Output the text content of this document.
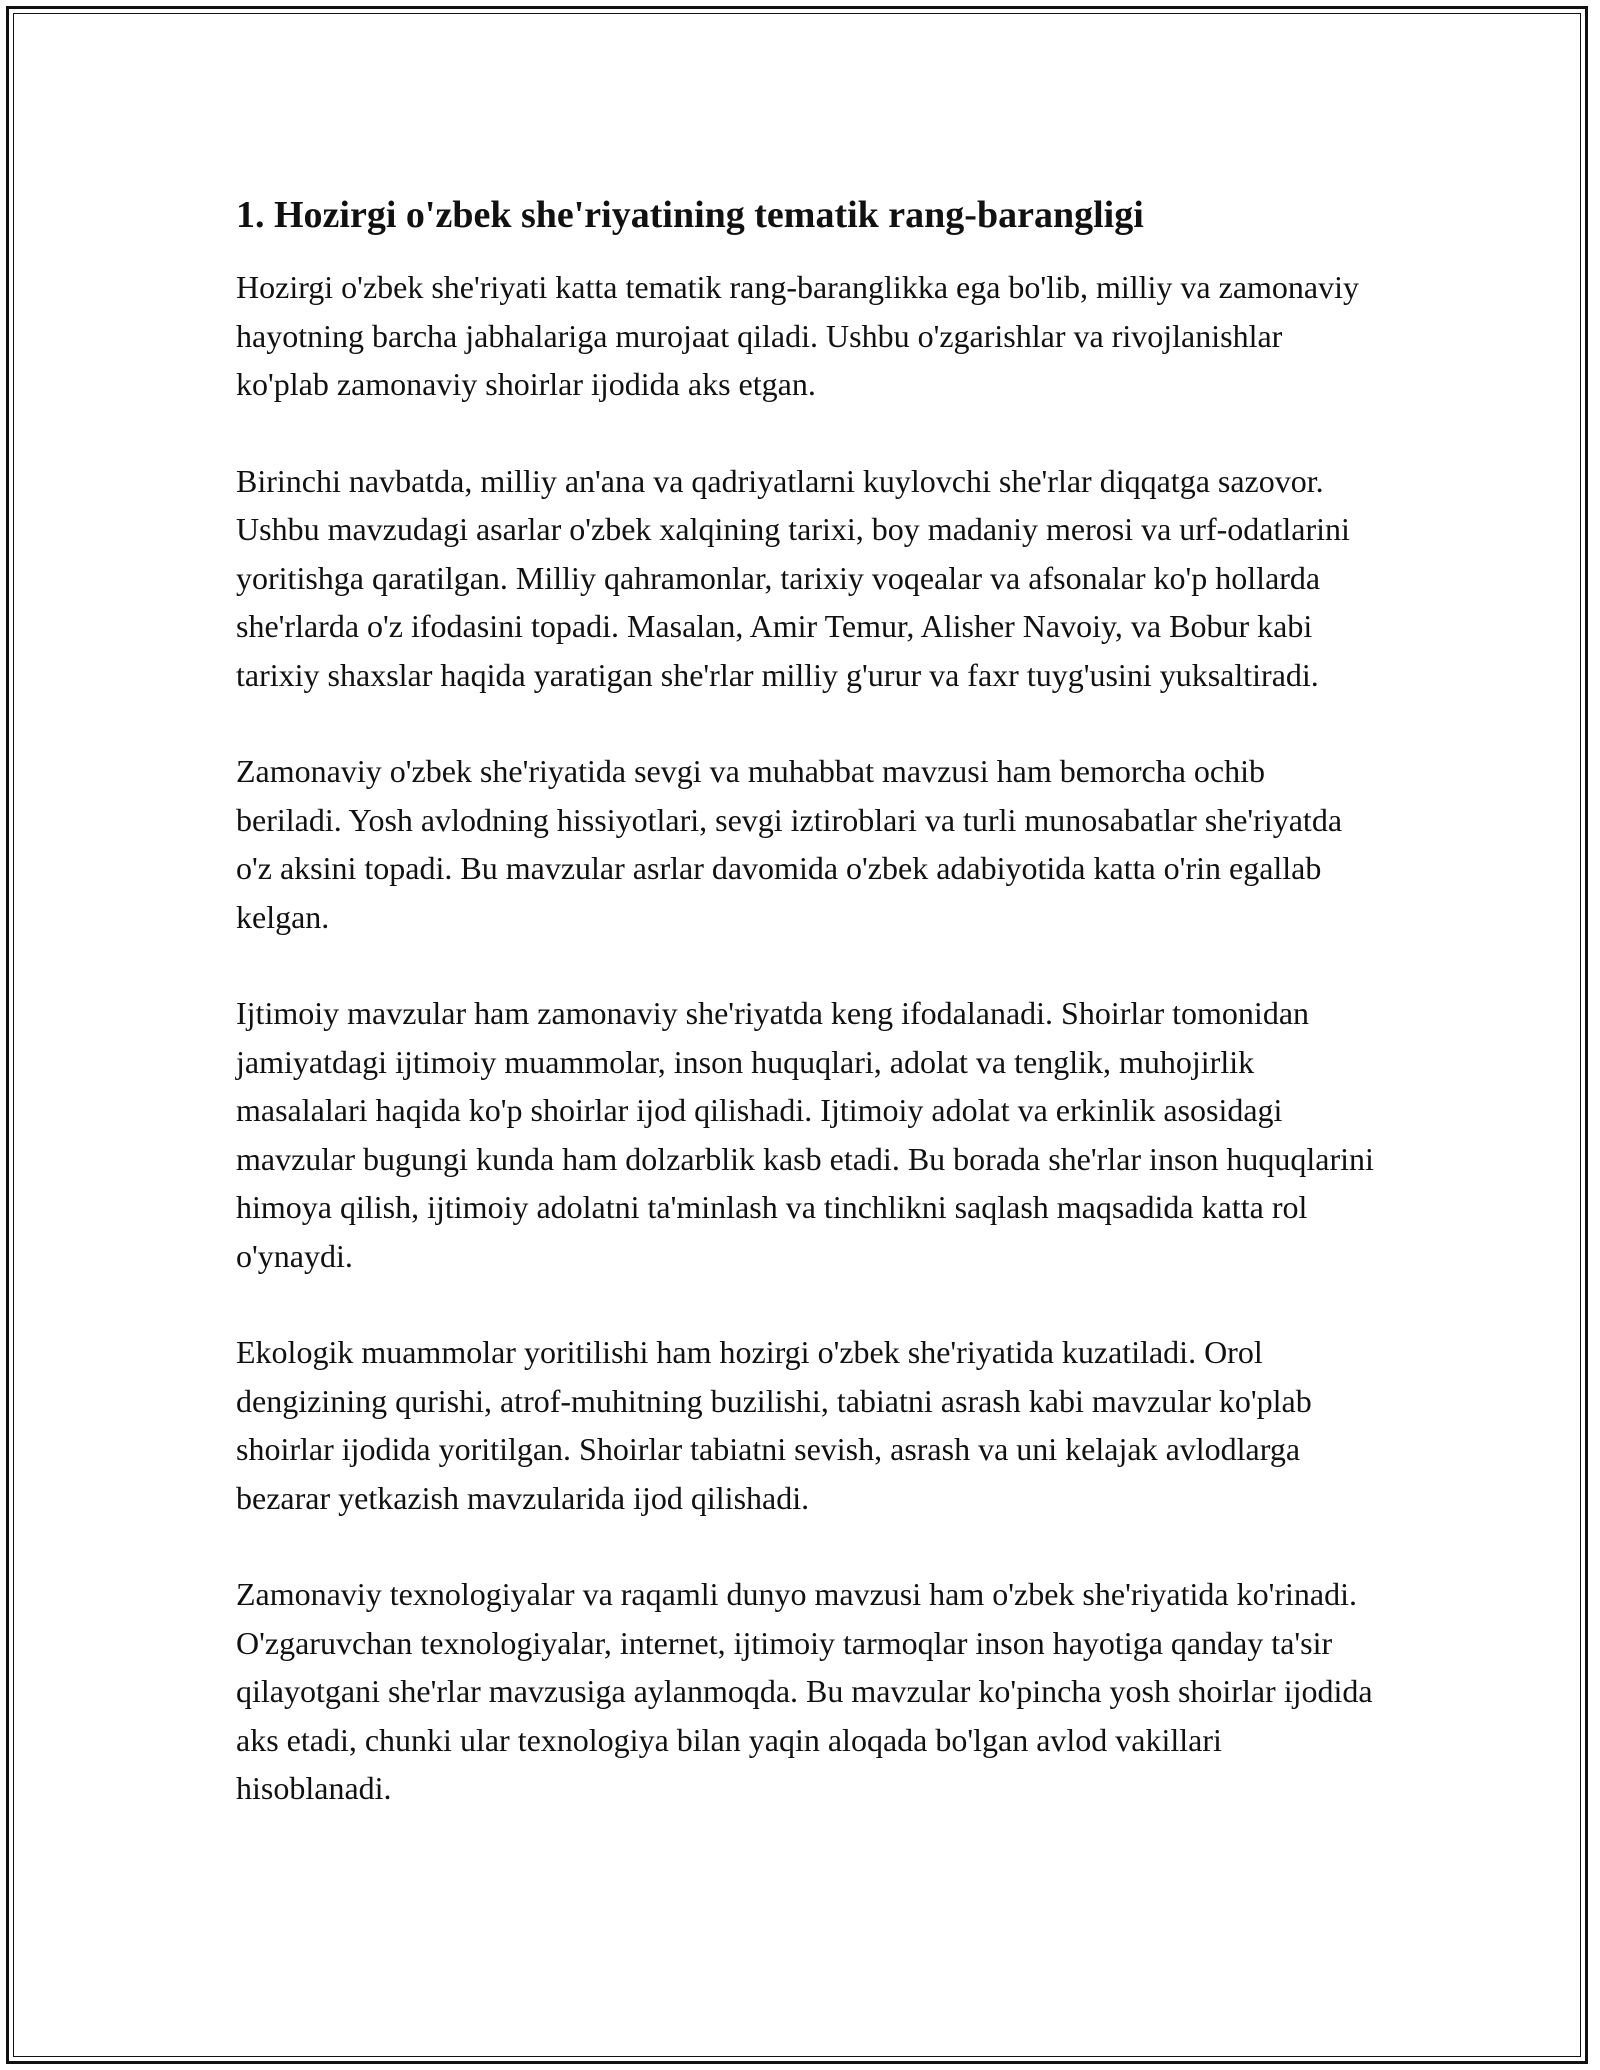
1. Hozirgi o'zbek she'riyatining tematik rang-barangligi

Hozirgi o'zbek she'riyati katta tematik rang-baranglikka ega bo'lib, milliy va zamonaviy hayotning barcha jabhalariga murojaat qiladi. Ushbu o'zgarishlar va rivojlanishlar ko'plab zamonaviy shoirlar ijodida aks etgan.

Birinchi navbatda, milliy an'ana va qadriyatlarni kuylovchi she'rlar diqqatga sazovor. Ushbu mavzudagi asarlar o'zbek xalqining tarixi, boy madaniy merosi va urf-odatlarini yoritishga qaratilgan. Milliy qahramonlar, tarixiy voqealar va afsonalar ko'p hollarda she'rlarda o'z ifodasini topadi. Masalan, Amir Temur, Alisher Navoiy, va Bobur kabi tarixiy shaxslar haqida yaratigan she'rlar milliy g'urur va faxr tuyg'usini yuksaltiradi.

Zamonaviy o'zbek she'riyatida sevgi va muhabbat mavzusi ham bemorcha ochib beriladi. Yosh avlodning hissiyotlari, sevgi iztiroblari va turli munosabatlar she'riyatda o'z aksini topadi. Bu mavzular asrlar davomida o'zbek adabiyotida katta o'rin egallab kelgan.

Ijtimoiy mavzular ham zamonaviy she'riyatda keng ifodalanadi. Shoirlar tomonidan jamiyatdagi ijtimoiy muammolar, inson huquqlari, adolat va tenglik, muhojirlik masalalari haqida ko'p shoirlar ijod qilishadi. Ijtimoiy adolat va erkinlik asosidagi mavzular bugungi kunda ham dolzarblik kasb etadi. Bu borada she'rlar inson huquqlarini himoya qilish, ijtimoiy adolatni ta'minlash va tinchlikni saqlash maqsadida katta rol o'ynaydi.

Ekologik muammolar yoritilishi ham hozirgi o'zbek she'riyatida kuzatiladi. Orol dengizining qurishi, atrof-muhitning buzilishi, tabiatni asrash kabi mavzular ko'plab shoirlar ijodida yoritilgan. Shoirlar tabiatni sevish, asrash va uni kelajak avlodlarga bezarar yetkazish mavzularida ijod qilishadi.

Zamonaviy texnologiyalar va raqamli dunyo mavzusi ham o'zbek she'riyatida ko'rinadi. O'zgaruvchan texnologiyalar, internet, ijtimoiy tarmoqlar inson hayotiga qanday ta'sir qilayotgani she'rlar mavzusiga aylanmoqda. Bu mavzular ko'pincha yosh shoirlar ijodida aks etadi, chunki ular texnologiya bilan yaqin aloqada bo'lgan avlod vakillari hisoblanadi.
